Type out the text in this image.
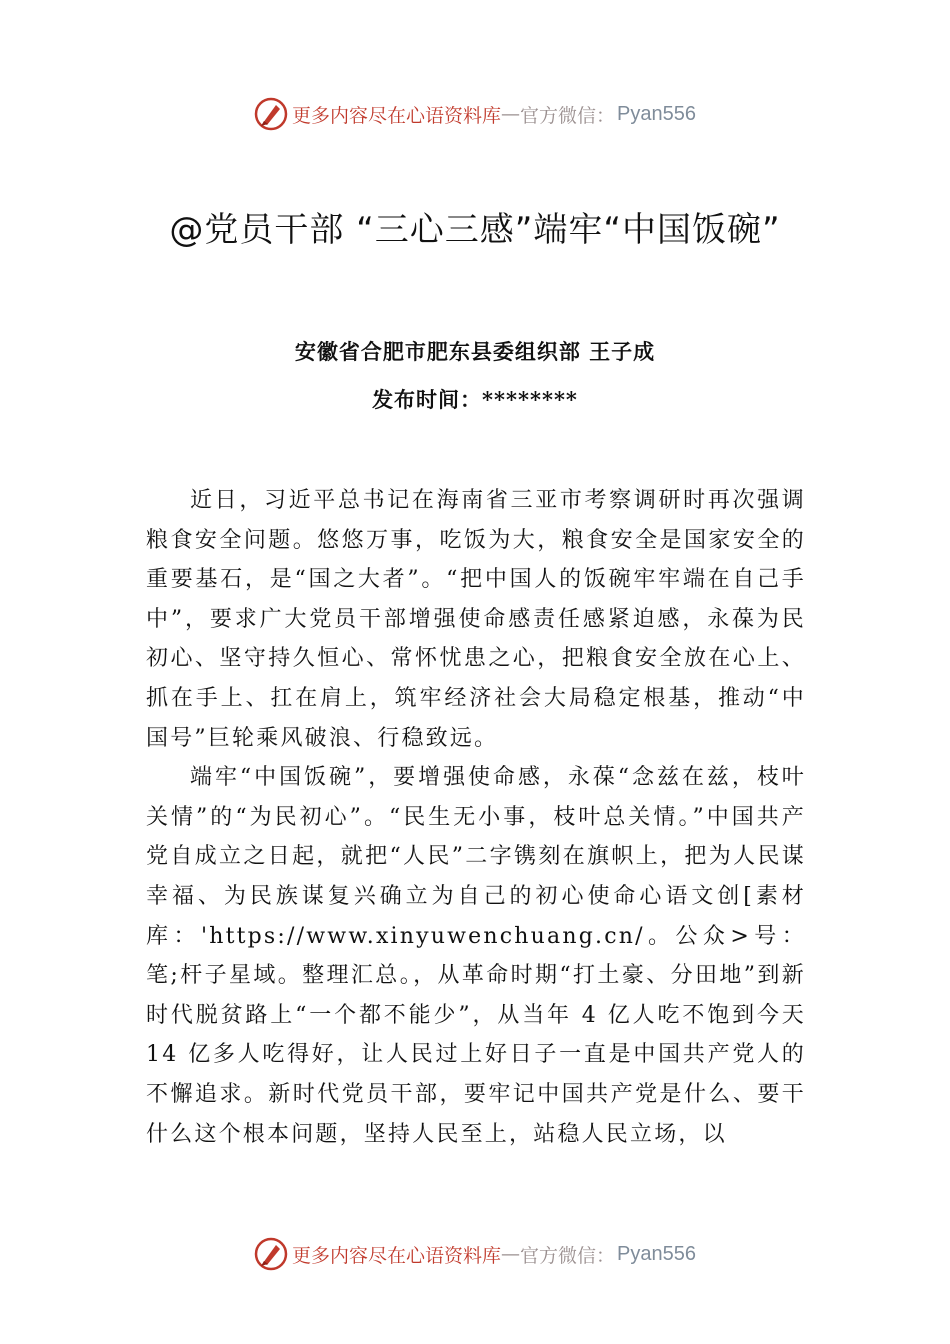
更多内容尽在心语资料库 — 官方微信： Pyan556
@党员干部 “三心三感”端牢“中国饭碗”
安徽省合肥市肥东县委组织部 王子成
发布时间：********

近日，习近平总书记在海南省三亚市考察调研时再次强调粮食安全问题。悠悠万事，吃饭为大，粮食安全是国家安全的重要基石，是“国之大者”。“把中国人的饭碗牢牢端在自己手中”，要求广大党员干部增强使命感责任感紧迫感，永葆为民初心、坚守持久恒心、常怀忧患之心，把粮食安全放在心上、抓在手上、扛在肩上，筑牢经济社会大局稳定根基，推动“中国号”巨轮乘风破浪、行稳致远。

端牢“中国饭碗”，要增强使命感，永葆“念兹在兹，枝叶关情”的“为民初心”。“民生无小事，枝叶总关情。”中国共产党自成立之日起，就把“人民”二字镌刻在旗帜上，把为人民谋幸福、为民族谋复兴确立为自己的初心使命心语文创[素材库：'https://www.xinyuwenchuang.cn/。公众>号：笔;杆子星域。整理汇总。，从革命时期“打土豪、分田地”到新时代脱贫路上“一个都不能少”，从当年 4 亿人吃不饱到今天 14 亿多人吃得好，让人民过上好日子一直是中国共产党人的不懈追求。新时代党员干部，要牢记中国共产党是什么、要干什么这个根本问题，坚持人民至上，站稳人民立场，以

更多内容尽在心语资料库 — 官方微信： Pyan556
